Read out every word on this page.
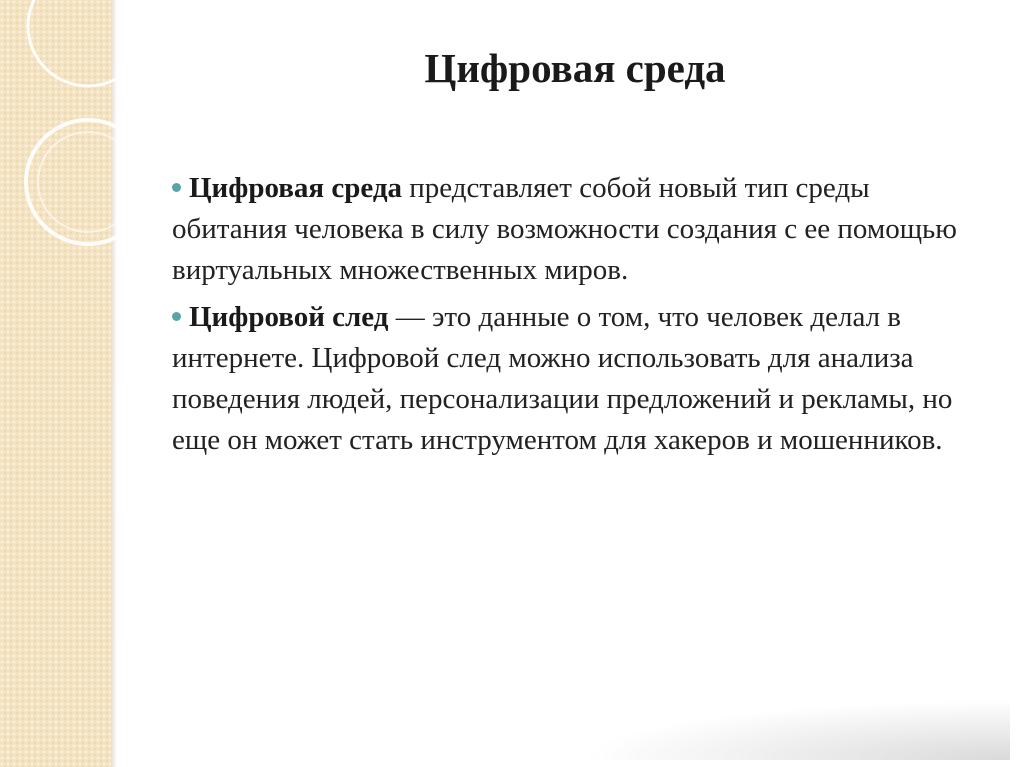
Цифровая среда

Цифровая среда представляет собой новый тип среды обитания человека в силу возможности создания с ее помощью виртуальных множественных миров.

Цифровой след — это данные о том, что человек делал в интернете. Цифровой след можно использовать для анализа поведения людей, персонализации предложений и рекламы, но еще он может стать инструментом для хакеров и мошенников.
